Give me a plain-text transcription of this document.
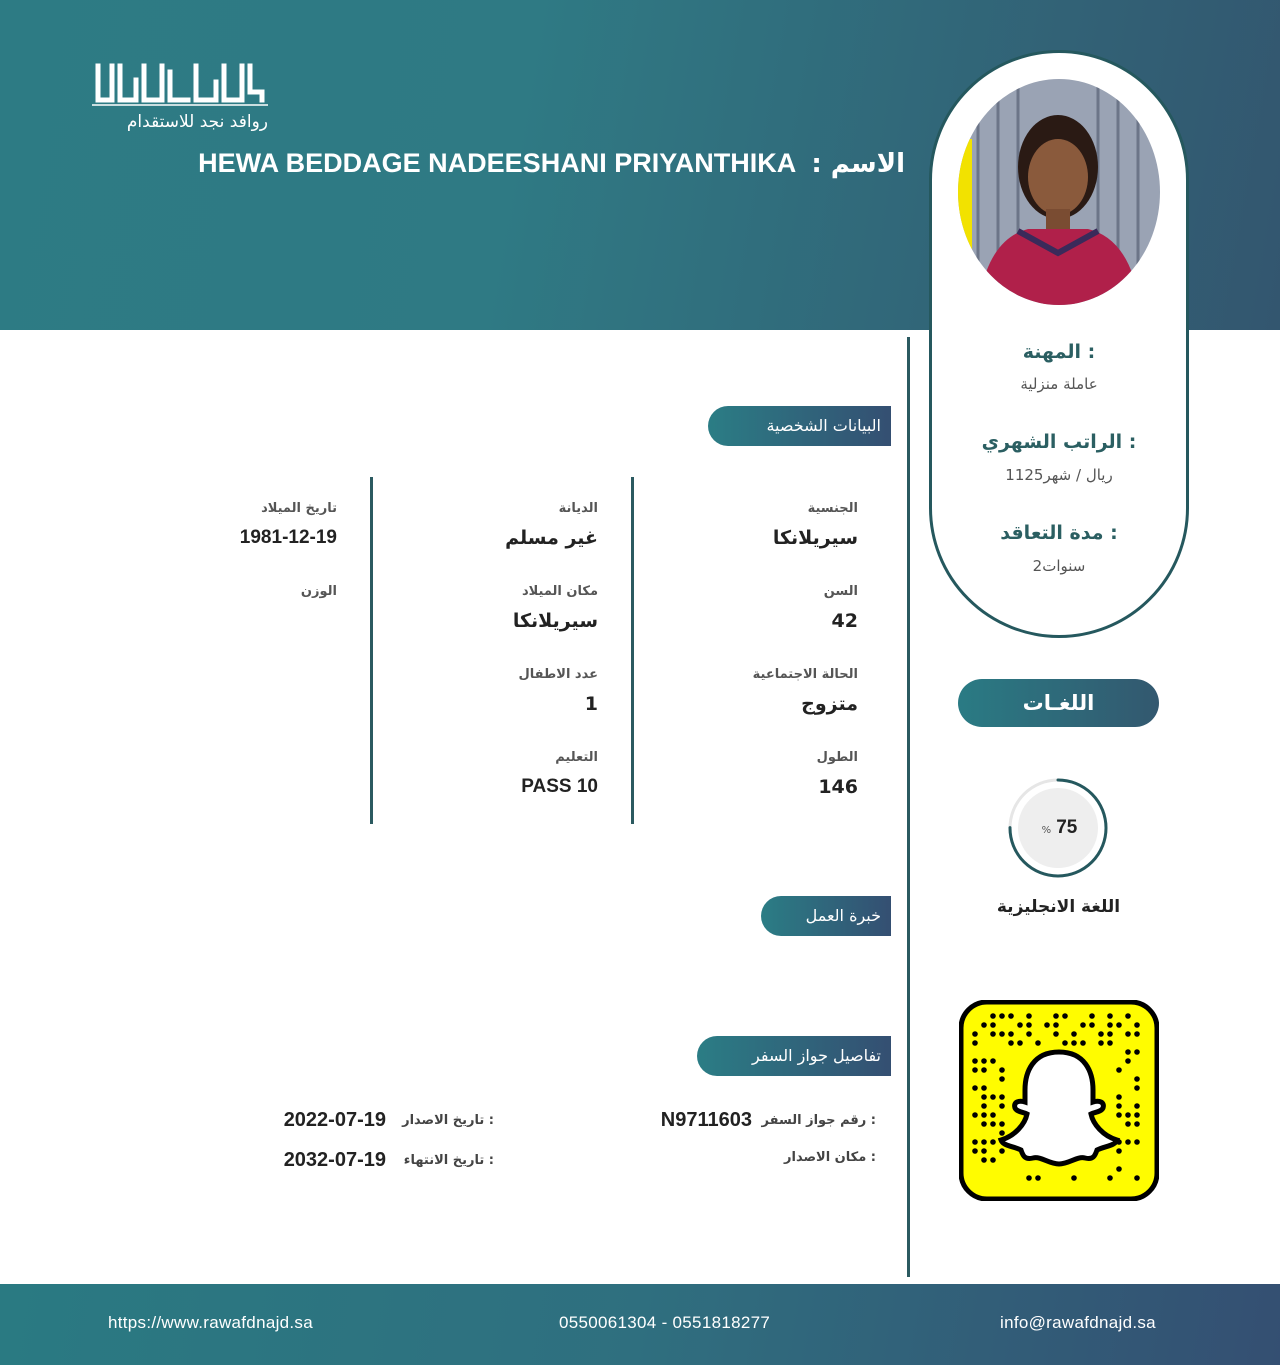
روافد نجد للاستقدام
الاسم : HEWA BEDDAGE NADEESHANI PRIYANTHIKA
المهنة :
عاملة منزلية
الراتب الشهري :
1125ريال / شهر
مدة التعاقد :
2سنوات
البيانات الشخصية
خبرة العمل
تفاصيل جواز السفر
الجنسية
سيريلانكا
السن
42
الحالة الاجتماعية
متزوج
الطول
146
الديانة
غير مسلم
مكان الميلاد
سيريلانكا
عدد الاطفال
1
التعليم
PASS 10
تاريخ الميلاد
1981-12-19
الوزن
اللغـات
% 75
اللغة الانجليزية
رقم جواز السفر :
N9711603
مكان الاصدار :
تاريخ الاصدار :
2022-07-19
تاريخ الانتهاء :
2032-07-19
https://www.rawafdnajd.sa	0550061304 - 0551818277	info@rawafdnajd.sa
